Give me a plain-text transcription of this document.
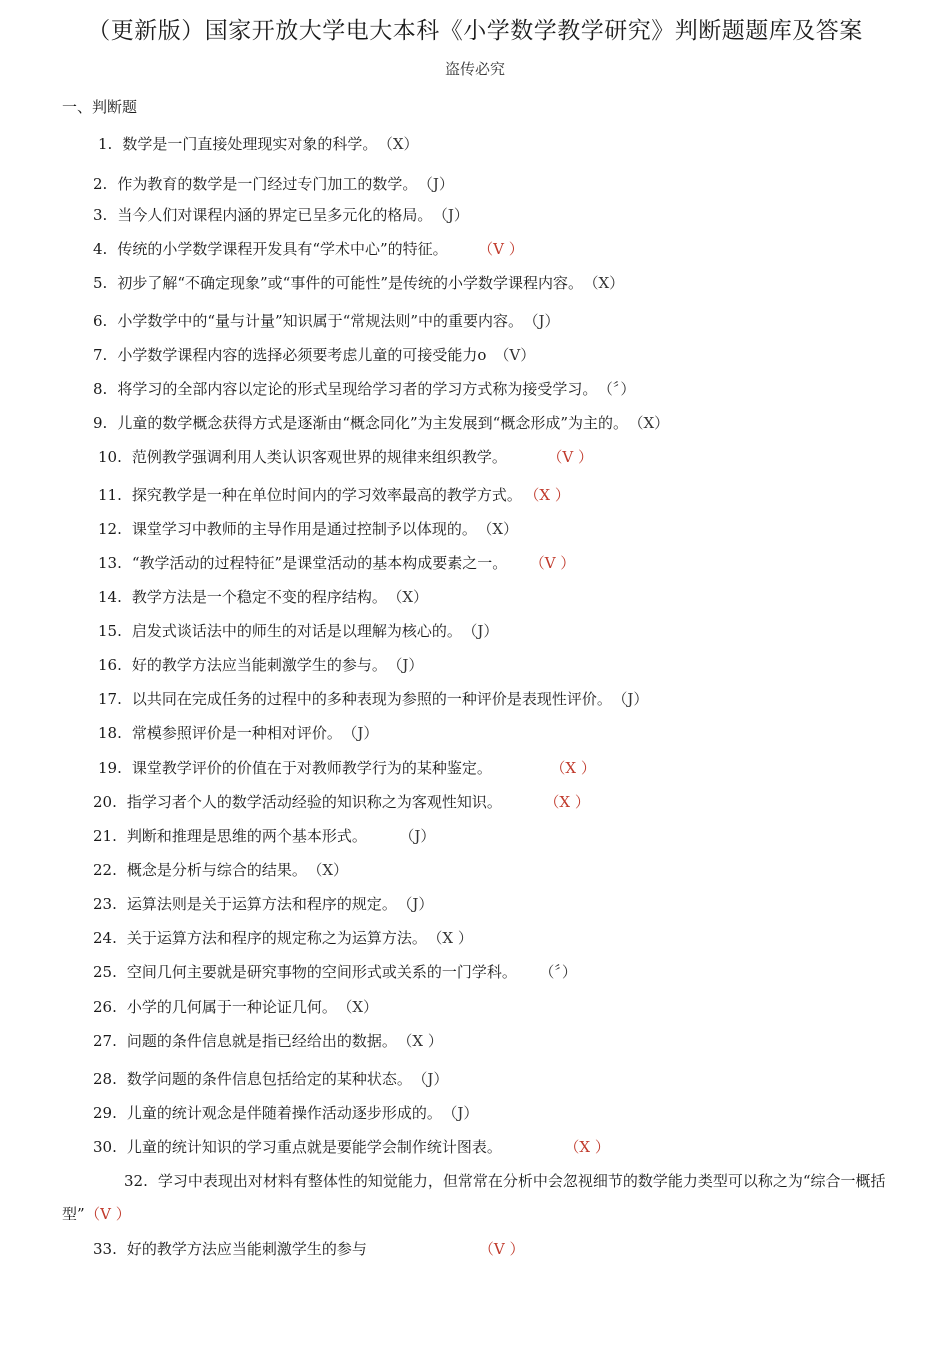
（更新版）国家开放大学电大本科《小学数学教学研究》判断题题库及答案
盗传必究
一、判断题
1. 数学是一门直接处理现实对象的科学。 （X）
2. 作为教育的数学是一门经过专门加工的数学。 （J）
3. 当今人们对课程内涵的界定已呈多元化的格局。 （J）
4. 传统的小学数学课程开发具有“学术中心”的特征。	（V ）
5. 初步了解“不确定现象”或“事件的可能性”是传统的小学数学课程内容。 （X）
6. 小学数学中的“量与计量”知识属于“常规法则”中的重要内容。 （J）
7. 小学数学课程内容的选择必须要考虑儿童的可接受能力o （V）
8. 将学习的全部内容以定论的形式呈现给学习者的学习方式称为接受学习。 （〞）
9. 儿童的数学概念获得方式是逐渐由“概念同化”为主发展到“概念形成”为主的。 （X）
10. 范例教学强调利用人类认识客观世界的规律来组织教学。	（V ）
11. 探究教学是一种在单位时间内的学习效率最高的教学方式。 （X ）
12. 课堂学习中教师的主导作用是通过控制予以体现的。 （X）
13. “教学活动的过程特征”是课堂活动的基本构成要素之一。 （V ）
14. 教学方法是一个稳定不变的程序结构。 （X）
15. 启发式谈话法中的师生的对话是以理解为核心的。 （J）
16. 好的教学方法应当能刺激学生的参与。 （J）
17. 以共同在完成任务的过程中的多种表现为参照的一种评价是表现性评价。 （J）
18. 常模参照评价是一种相对评价。 （J）
19. 课堂教学评价的价值在于对教师教学行为的某种鉴定。	（X ）
20. 指学习者个人的数学活动经验的知识称之为客观性知识。	（X ）
21. 判断和推理是思维的两个基本形式。	（J）
22. 概念是分析与综合的结果。 （X）
23. 运算法则是关于运算方法和程序的规定。 （J）
24. 关于运算方法和程序的规定称之为运算方法。 （X ）
25. 空间几何主要就是研究事物的空间形式或关系的一门学科。 （〞）
26. 小学的几何属于一种论证几何。 （X）
27. 问题的条件信息就是指已经给出的数据。 （X ）
28. 数学问题的条件信息包括给定的某种状态。 （J）
29. 儿童的统计观念是伴随着操作活动逐步形成的。 （J）
30. 儿童的统计知识的学习重点就是要能学会制作统计图表。	（X ）
32. 学习中表现出对材料有整体性的知觉能力，但常常在分析中会忽视细节的数学能力类型可以称之为“综合一概括型” （V ）
33. 好的教学方法应当能刺激学生的参与	（V ）
